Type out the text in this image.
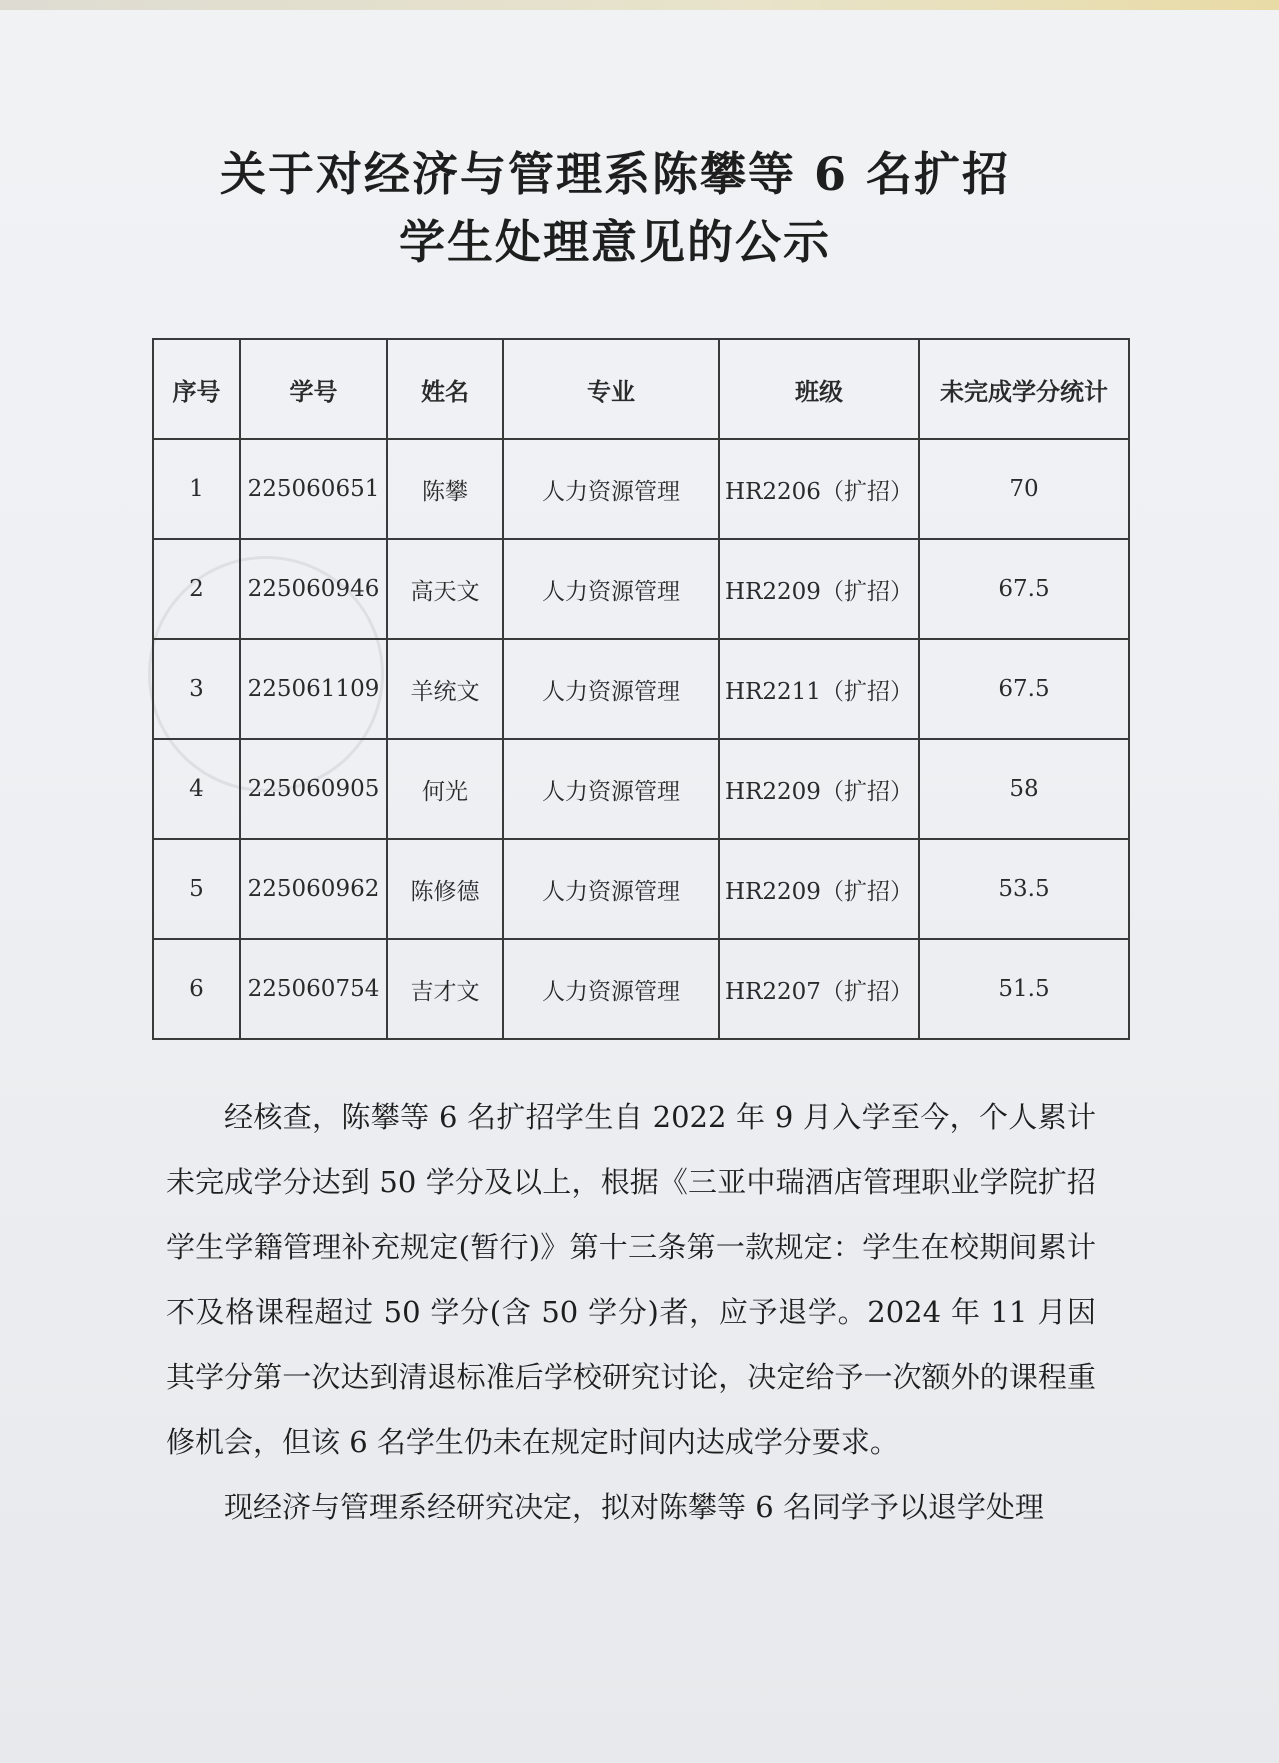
关于对经济与管理系陈攀等 6 名扩招
学生处理意见的公示
序号	学号	姓名	专业	班级	未完成学分统计
1	225060651	陈攀	人力资源管理	HR2206（扩招）	70
2	225060946	高天文	人力资源管理	HR2209（扩招）	67.5
3	225061109	羊统文	人力资源管理	HR2211（扩招）	67.5
4	225060905	何光	人力资源管理	HR2209（扩招）	58
5	225060962	陈修德	人力资源管理	HR2209（扩招）	53.5
6	225060754	吉才文	人力资源管理	HR2207（扩招）	51.5

经核查，陈攀等 6 名扩招学生自 2022 年 9 月入学至今，个人累计未完成学分达到 50 学分及以上，根据《三亚中瑞酒店管理职业学院扩招学生学籍管理补充规定(暂行)》第十三条第一款规定：学生在校期间累计不及格课程超过 50 学分(含 50 学分)者，应予退学。2024 年 11 月因其学分第一次达到清退标准后学校研究讨论，决定给予一次额外的课程重修机会，但该 6 名学生仍未在规定时间内达成学分要求。

现经济与管理系经研究决定，拟对陈攀等 6 名同学予以退学处理
